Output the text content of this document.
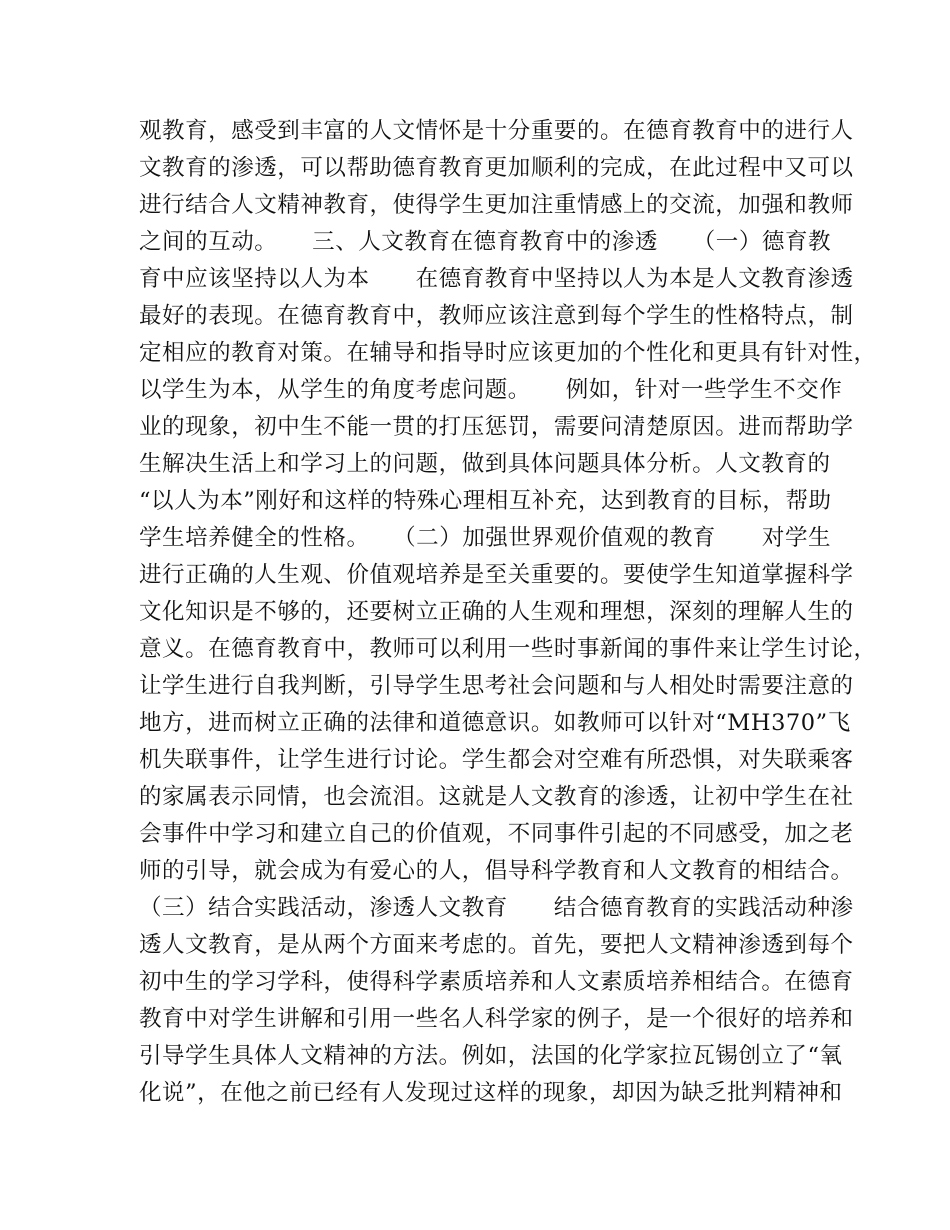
观教育，感受到丰富的人文情怀是十分重要的。在德育教育中的进行人
文教育的渗透，可以帮助德育教育更加顺利的完成，在此过程中又可以
进行结合人文精神教育，使得学生更加注重情感上的交流，加强和教师
之间的互动。　　三、人文教育在德育教育中的渗透　　（一）德育教
育中应该坚持以人为本　　在德育教育中坚持以人为本是人文教育渗透
最好的表现。在德育教育中，教师应该注意到每个学生的性格特点，制
定相应的教育对策。在辅导和指导时应该更加的个性化和更具有针对性，
以学生为本，从学生的角度考虑问题。　　例如，针对一些学生不交作
业的现象，初中生不能一贯的打压惩罚，需要问清楚原因。进而帮助学
生解决生活上和学习上的问题，做到具体问题具体分析。人文教育的
“以人为本”刚好和这样的特殊心理相互补充，达到教育的目标，帮助
学生培养健全的性格。　　（二）加强世界观价值观的教育　　对学生
进行正确的人生观、价值观培养是至关重要的。要使学生知道掌握科学
文化知识是不够的，还要树立正确的人生观和理想，深刻的理解人生的
意义。在德育教育中，教师可以利用一些时事新闻的事件来让学生讨论，
让学生进行自我判断，引导学生思考社会问题和与人相处时需要注意的
地方，进而树立正确的法律和道德意识。如教师可以针对“MH370”飞
机失联事件，让学生进行讨论。学生都会对空难有所恐惧，对失联乘客
的家属表示同情，也会流泪。这就是人文教育的渗透，让初中学生在社
会事件中学习和建立自己的价值观，不同事件引起的不同感受，加之老
师的引导，就会成为有爱心的人，倡导科学教育和人文教育的相结合。
（三）结合实践活动，渗透人文教育　　结合德育教育的实践活动种渗
透人文教育，是从两个方面来考虑的。首先，要把人文精神渗透到每个
初中生的学习学科，使得科学素质培养和人文素质培养相结合。在德育
教育中对学生讲解和引用一些名人科学家的例子，是一个很好的培养和
引导学生具体人文精神的方法。例如，法国的化学家拉瓦锡创立了“氧
化说”，在他之前已经有人发现过这样的现象，却因为缺乏批判精神和
